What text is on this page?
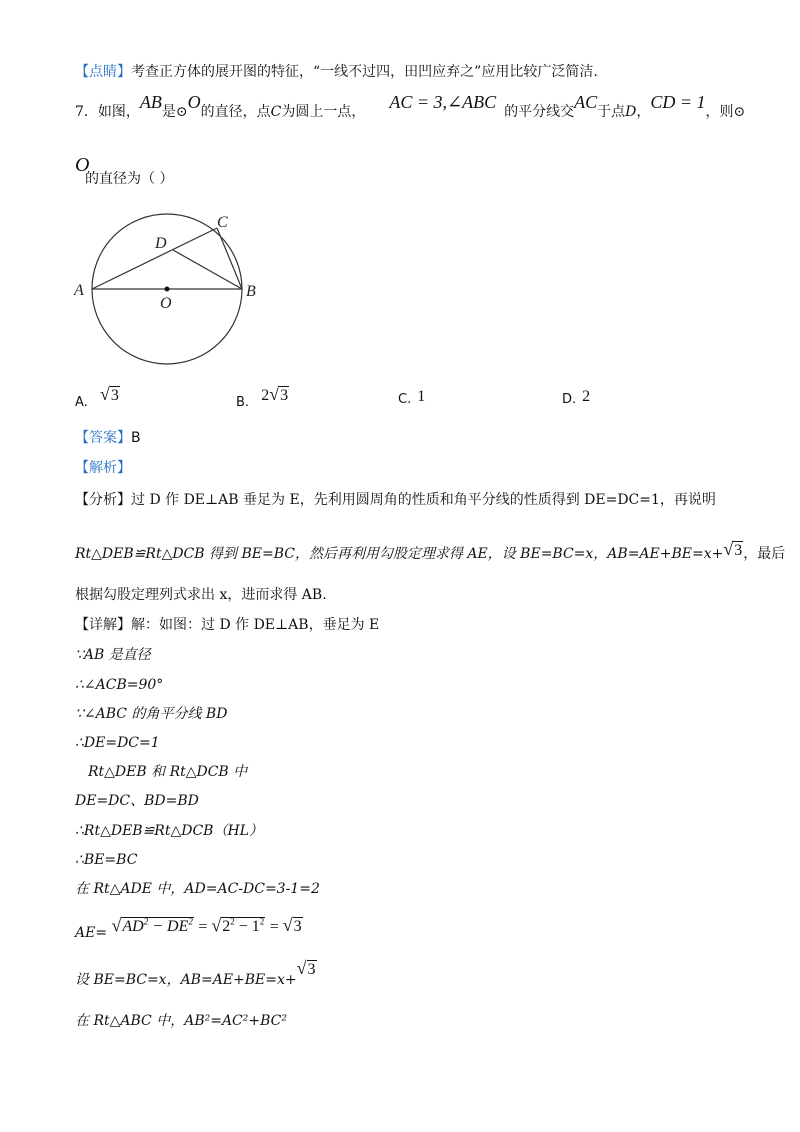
【点睛】考查正方体的展开图的特征，“一线不过四，田凹应弃之”应用比较广泛简洁.
7．如图，AB是⊙O的直径，点C为圆上一点， AC = 3,∠ABC 的平分线交AC于点D，CD = 1，则⊙
O
的直径为（ ）
A	B
C
D
O
A. √3	B. 2√3	C. 1	D. 2
【答案】B
【解析】
【分析】过 D 作 DE⊥AB 垂足为 E，先利用圆周角的性质和角平分线的性质得到 DE=DC=1，再说明
Rt△DEB≌Rt△DCB 得到 BE=BC，然后再利用勾股定理求得 AE，设 BE=BC=x，AB=AE+BE=x+√3，最后
根据勾股定理列式求出 x，进而求得 AB.
【详解】解：如图：过 D 作 DE⊥AB，垂足为 E
∵AB 是直径
∴∠ACB=90°
∵∠ABC 的角平分线 BD
∴DE=DC=1
Rt△DEB 和 Rt△DCB 中
DE=DC、BD=BD
∴Rt△DEB≌Rt△DCB（HL）
∴BE=BC
在 Rt△ADE 中，AD=AC-DC=3-1=2
$AE= √AD^2 - DE^2 = √2^2 - 1^2 = √3$
设 BE=BC=x，AB=AE+BE=x+√3
在 Rt△ABC 中，AB²=AC²+BC²
